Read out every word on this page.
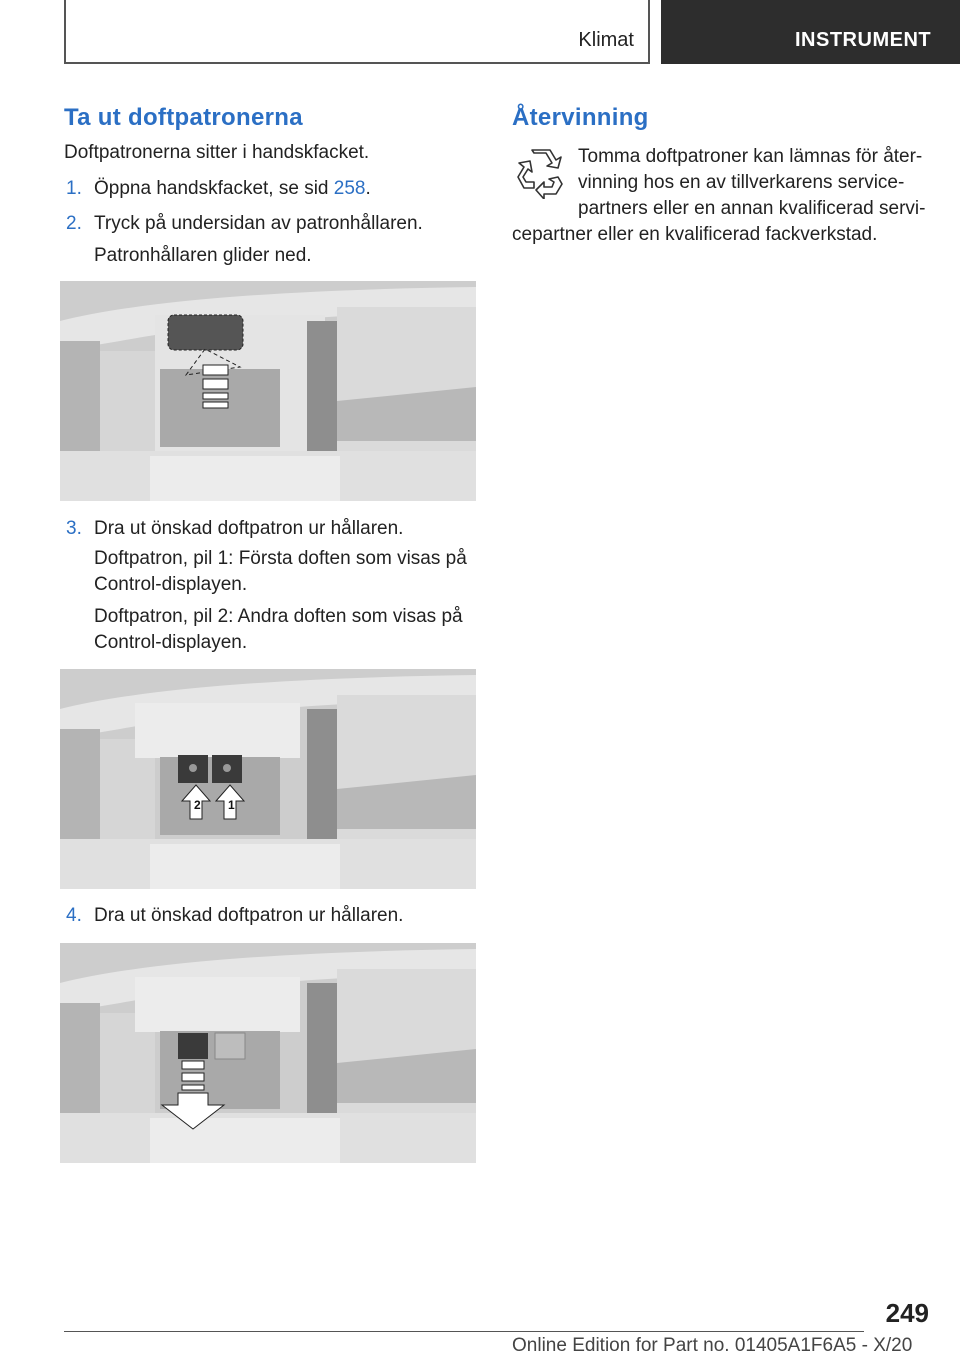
Klimat	INSTRUMENT
Ta ut doftpatronerna
Doftpatronerna sitter i handskfacket.
1. Öppna handskfacket, se sid 258.
2. Tryck på undersidan av patronhållaren.
Patronhållaren glider ned.
3. Dra ut önskad doftpatron ur hållaren.
Doftpatron, pil 1: Första doften som visas på
Control-displayen.
Doftpatron, pil 2: Andra doften som visas på
Control-displayen.
2 1
4. Dra ut önskad doftpatron ur hållaren.
Återvinning
Tomma doftpatroner kan lämnas för åter-
vinning hos en av tillverkarens service-
partners eller en annan kvalificerad servi-
cepartner eller en kvalificerad fackverkstad.
249
Online Edition for Part no. 01405A1F6A5 - X/20
